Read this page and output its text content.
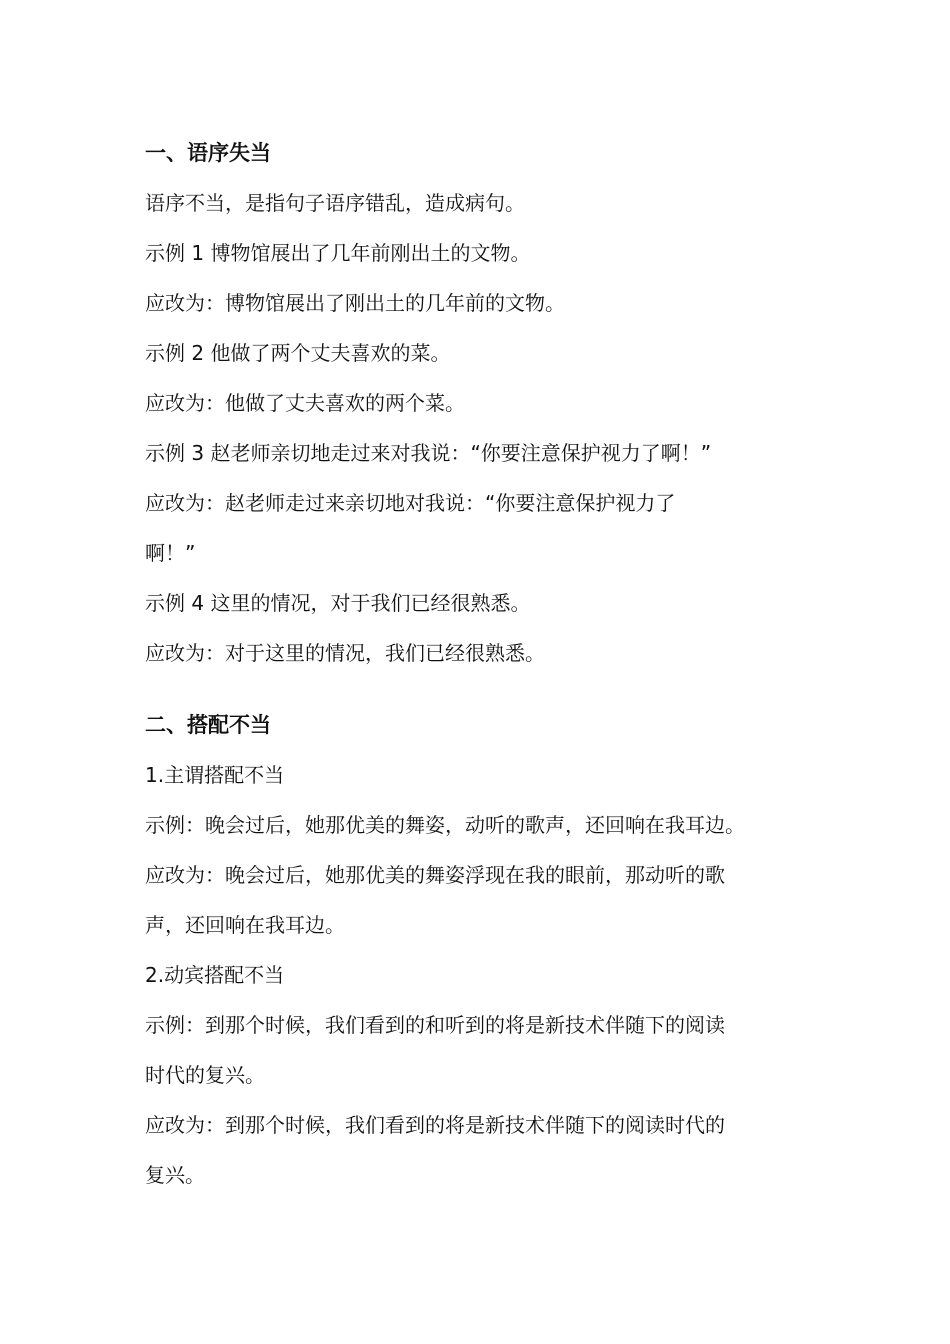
一、语序失当
语序不当，是指句子语序错乱，造成病句。
示例 1 博物馆展出了几年前刚出土的文物。
应改为：博物馆展出了刚出土的几年前的文物。
示例 2 他做了两个丈夫喜欢的菜。
应改为：他做了丈夫喜欢的两个菜。
示例 3 赵老师亲切地走过来对我说：“你要注意保护视力了啊！”
应改为：赵老师走过来亲切地对我说：“你要注意保护视力了
啊！”
示例 4 这里的情况，对于我们已经很熟悉。
应改为：对于这里的情况，我们已经很熟悉。
二、搭配不当
1.主谓搭配不当
示例：晚会过后，她那优美的舞姿，动听的歌声，还回响在我耳边。
应改为：晚会过后，她那优美的舞姿浮现在我的眼前，那动听的歌
声，还回响在我耳边。
2.动宾搭配不当
示例：到那个时候，我们看到的和听到的将是新技术伴随下的阅读
时代的复兴。
应改为：到那个时候，我们看到的将是新技术伴随下的阅读时代的
复兴。
